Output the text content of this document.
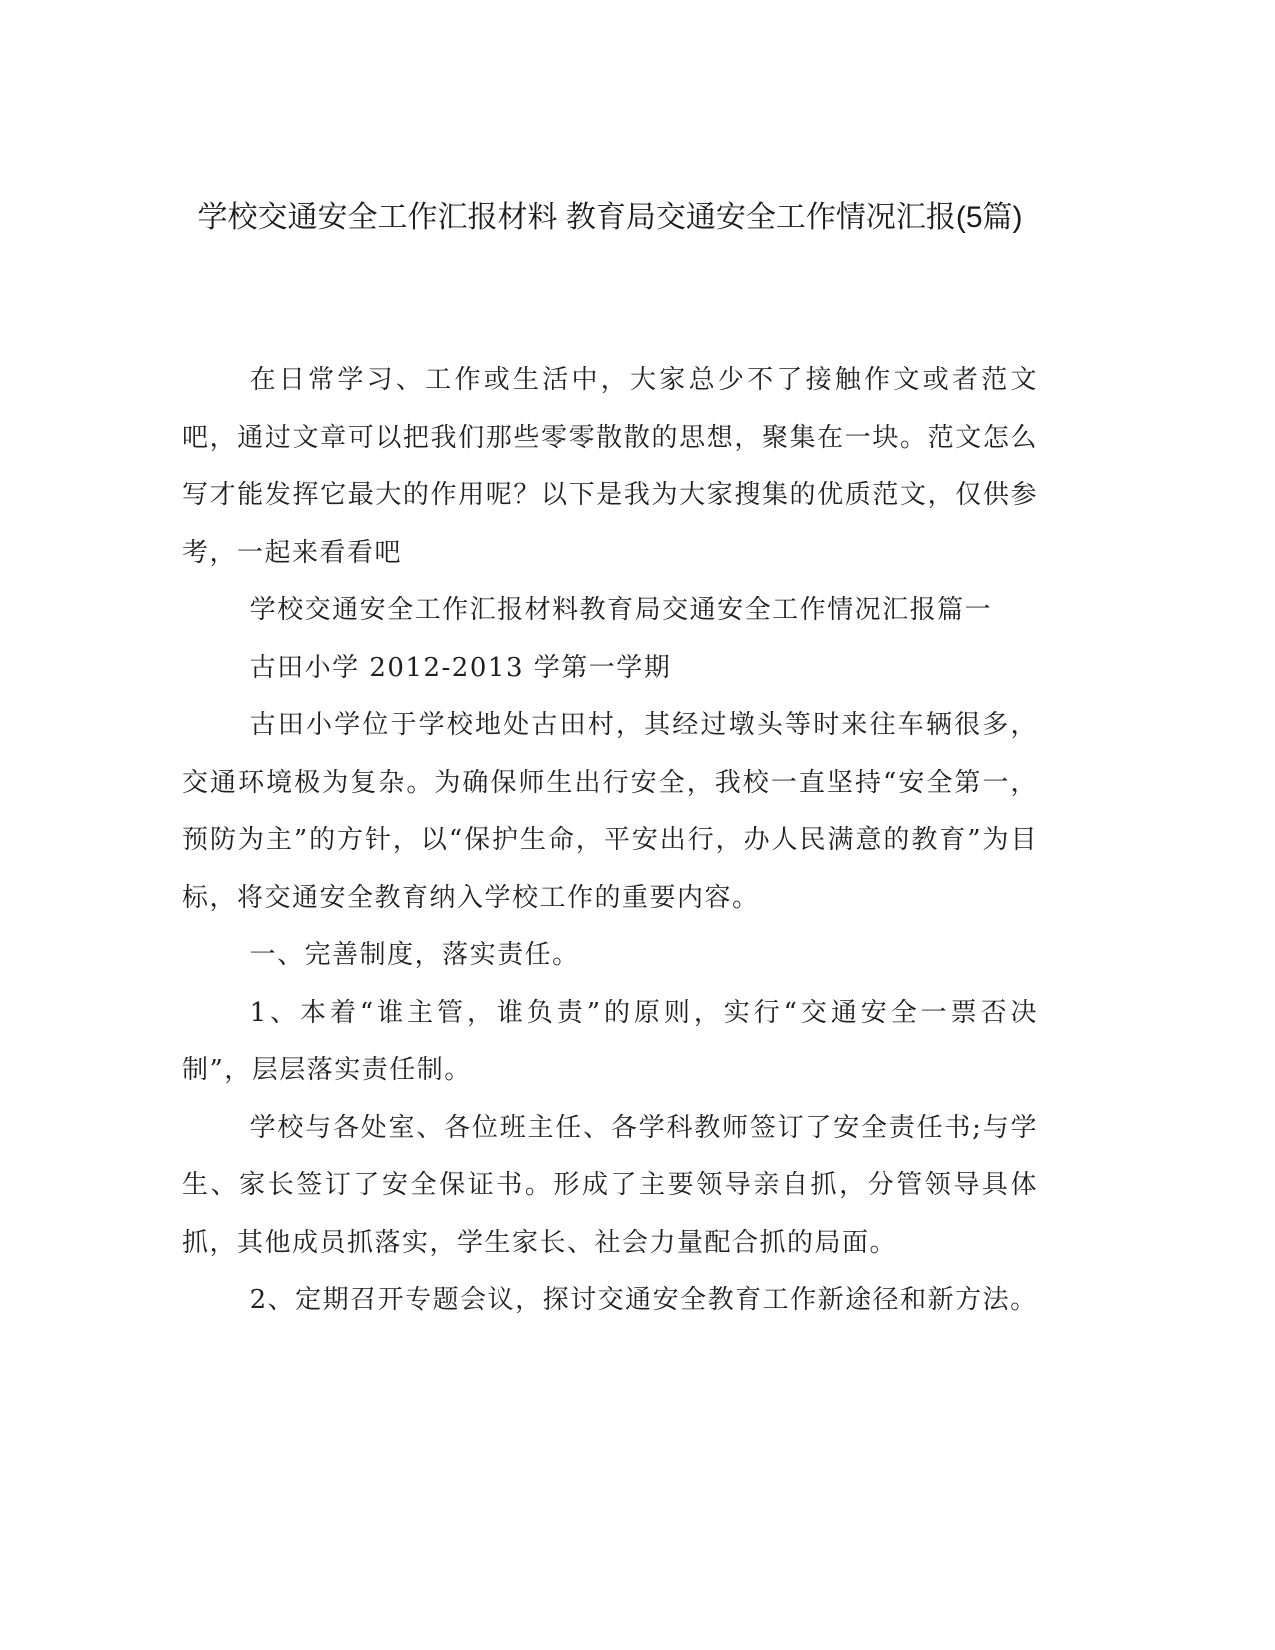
学校交通安全工作汇报材料 教育局交通安全工作情况汇报(5篇)

在日常学习、工作或生活中，大家总少不了接触作文或者范文吧，通过文章可以把我们那些零零散散的思想，聚集在一块。范文怎么写才能发挥它最大的作用呢？以下是我为大家搜集的优质范文，仅供参考，一起来看看吧

学校交通安全工作汇报材料教育局交通安全工作情况汇报篇一

古田小学 2012-2013 学第一学期

古田小学位于学校地处古田村，其经过墩头等时来往车辆很多，交通环境极为复杂。为确保师生出行安全，我校一直坚持“安全第一，预防为主”的方针，以“保护生命，平安出行，办人民满意的教育”为目标，将交通安全教育纳入学校工作的重要内容。

一、完善制度，落实责任。

1、本着“谁主管，谁负责”的原则，实行“交通安全一票否决制”，层层落实责任制。

学校与各处室、各位班主任、各学科教师签订了安全责任书;与学生、家长签订了安全保证书。形成了主要领导亲自抓，分管领导具体抓，其他成员抓落实，学生家长、社会力量配合抓的局面。

2、定期召开专题会议，探讨交通安全教育工作新途径和新方法。
